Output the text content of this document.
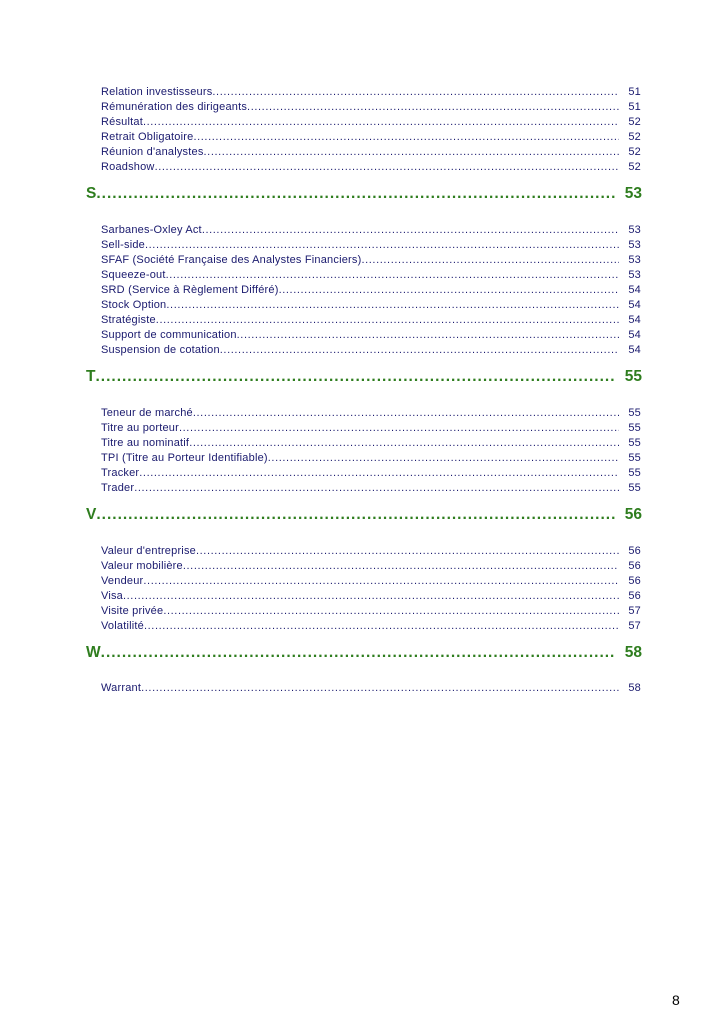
Relation investisseurs .....	51
Rémunération des dirigeants .....	51
Résultat .....	52
Retrait Obligatoire .....	52
Réunion d'analystes .....	52
Roadshow .....	52
S .....	53
Sarbanes-Oxley Act .....	53
Sell-side .....	53
SFAF (Société Française des Analystes Financiers) .....	53
Squeeze-out .....	53
SRD (Service à Règlement Différé) .....	54
Stock Option .....	54
Stratégiste .....	54
Support de communication .....	54
Suspension de cotation .....	54
T .....	55
Teneur de marché .....	55
Titre au porteur .....	55
Titre au nominatif .....	55
TPI (Titre au Porteur Identifiable) .....	55
Tracker .....	55
Trader .....	55
V .....	56
Valeur d'entreprise .....	56
Valeur mobilière .....	56
Vendeur .....	56
Visa .....	56
Visite privée .....	57
Volatilité .....	57
W .....	58
Warrant .....	58
8
